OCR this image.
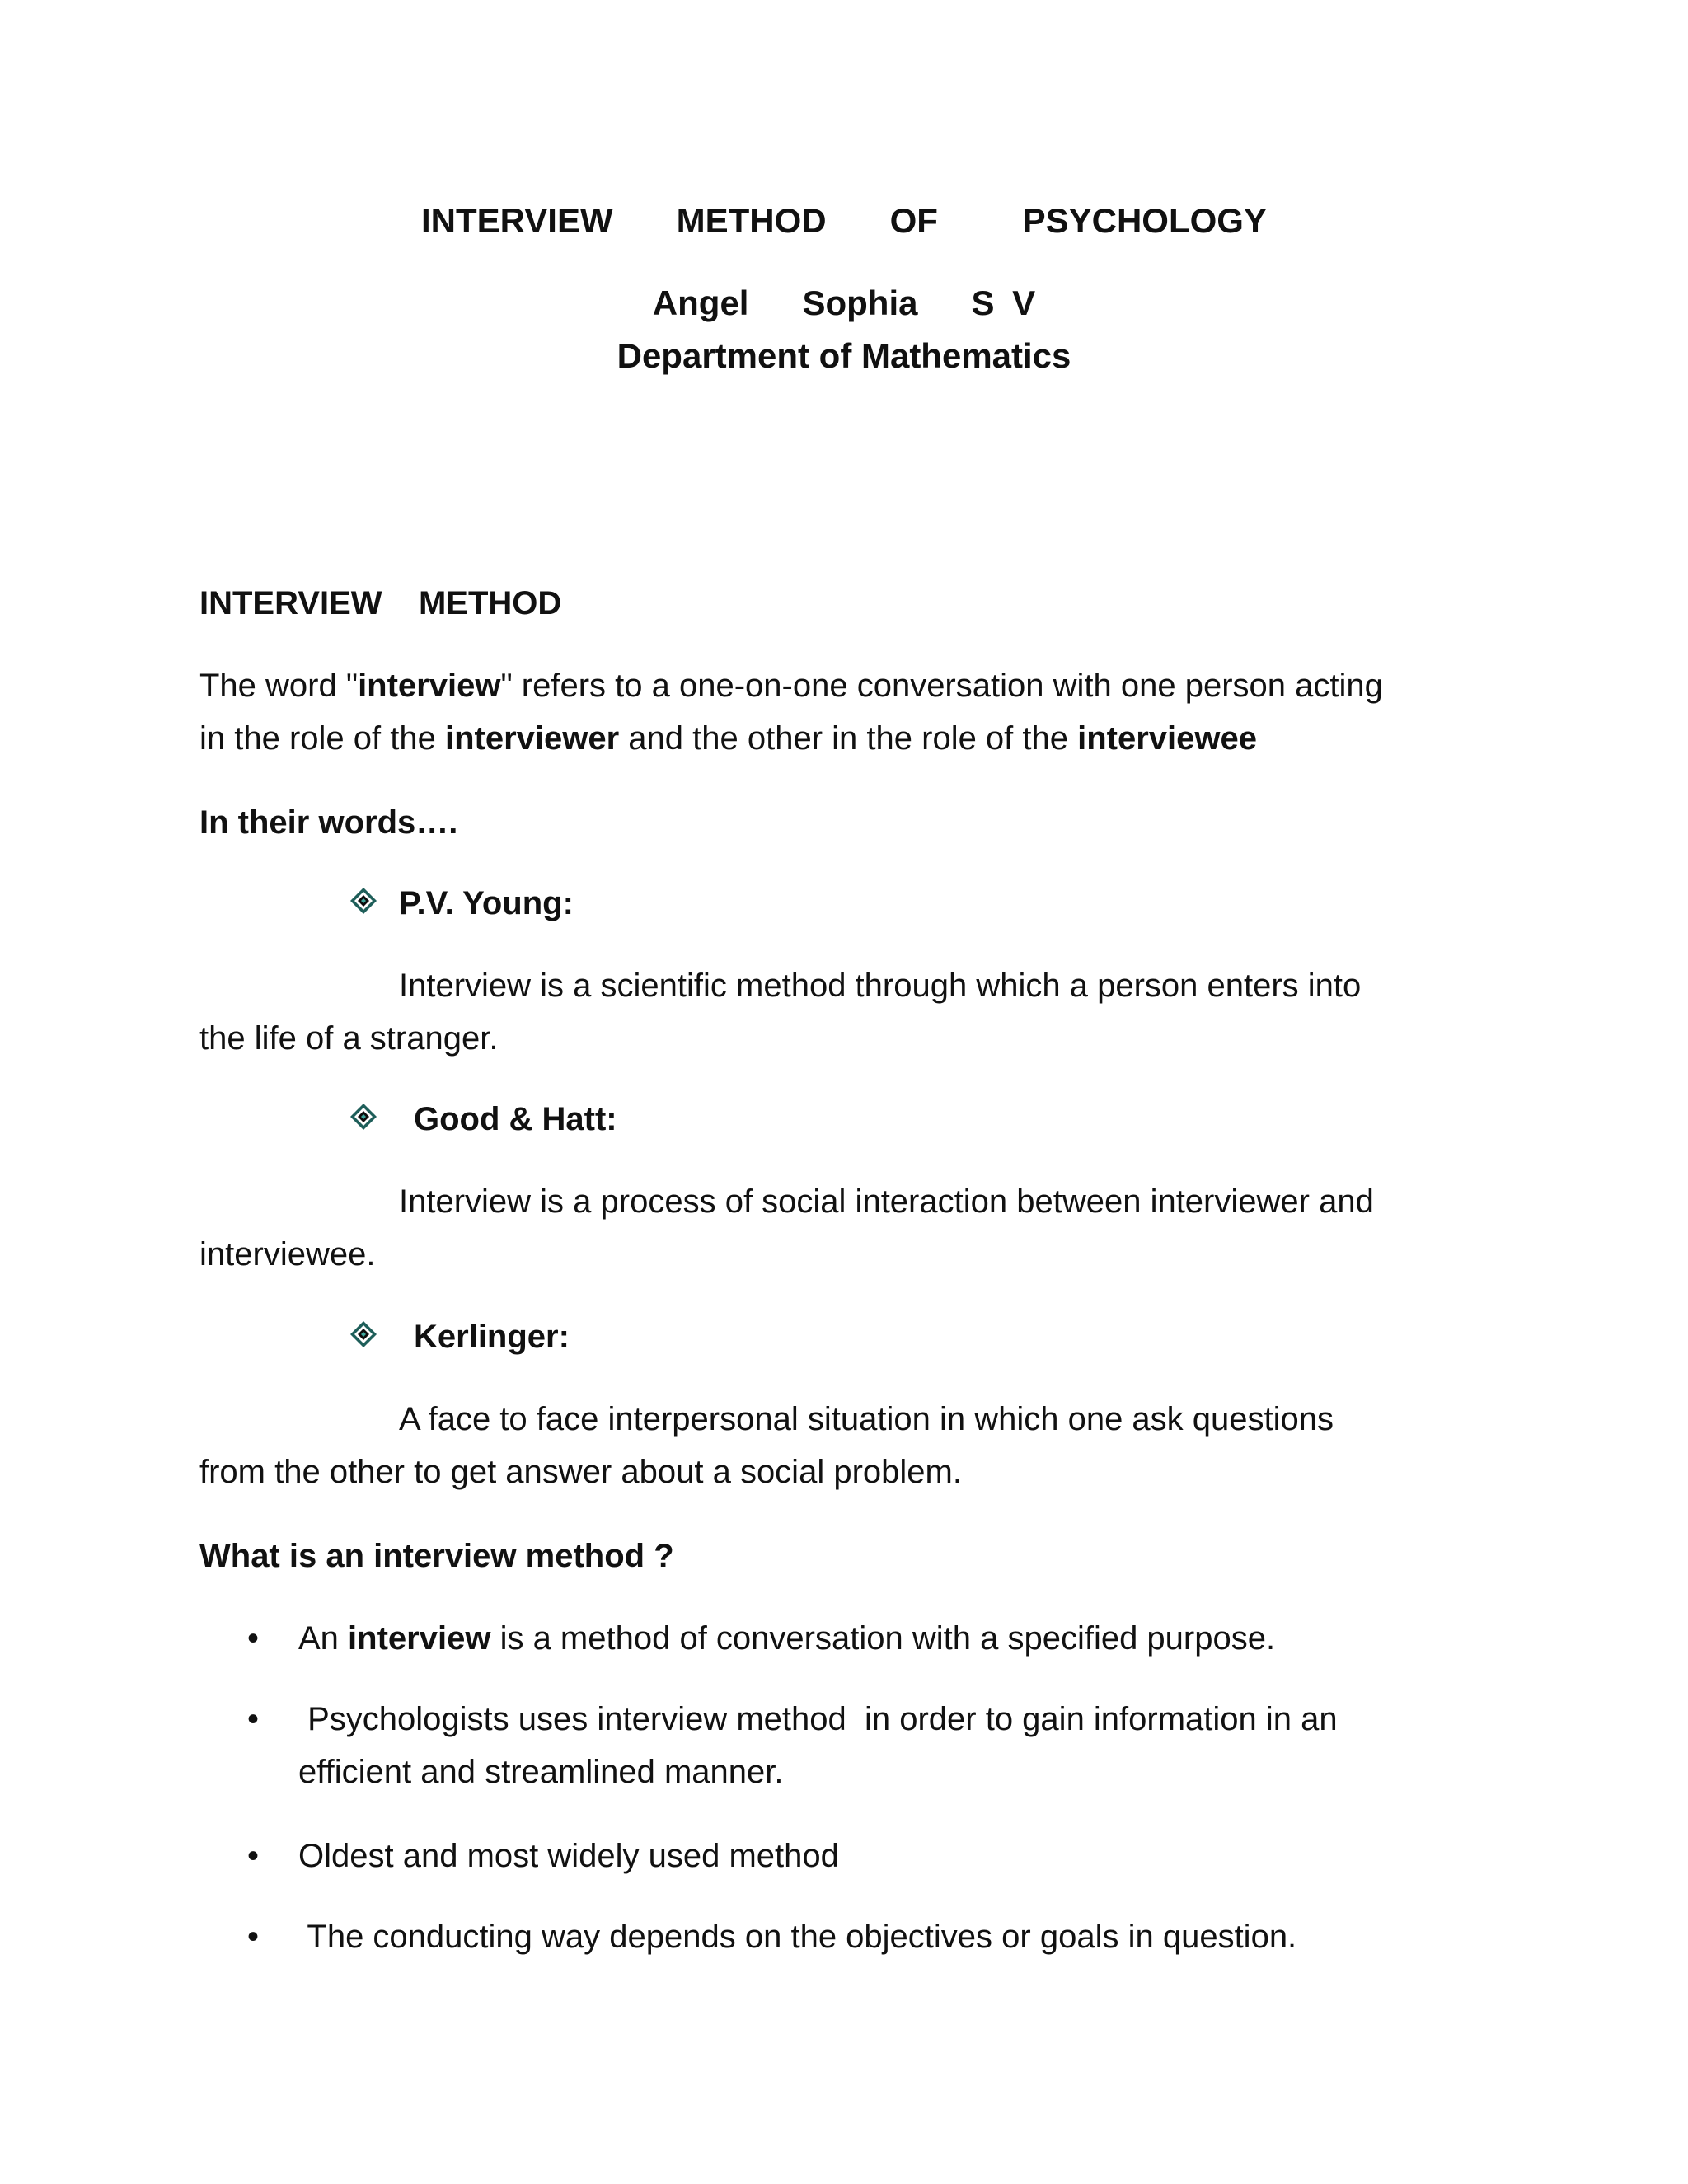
INTERVIEW   METHOD   OF    PSYCHOLOGY
Angel   Sophia   S V
Department of Mathematics
INTERVIEW    METHOD
The word "interview" refers to a one-on-one conversation with one person acting
in the role of the interviewer and the other in the role of the interviewee
In their words….
P.V. Young:
Interview is a scientific method through which a person enters into
the life of a stranger.
Good & Hatt:
Interview is a process of social interaction between interviewer and
interviewee.
Kerlinger:
A face to face interpersonal situation in which one ask questions
from the other to get answer about a social problem.
What is an interview method ?
• An interview is a method of conversation with a specified purpose.
• Psychologists uses interview method  in order to gain information in an
efficient and streamlined manner.
• Oldest and most widely used method
• The conducting way depends on the objectives or goals in question.
